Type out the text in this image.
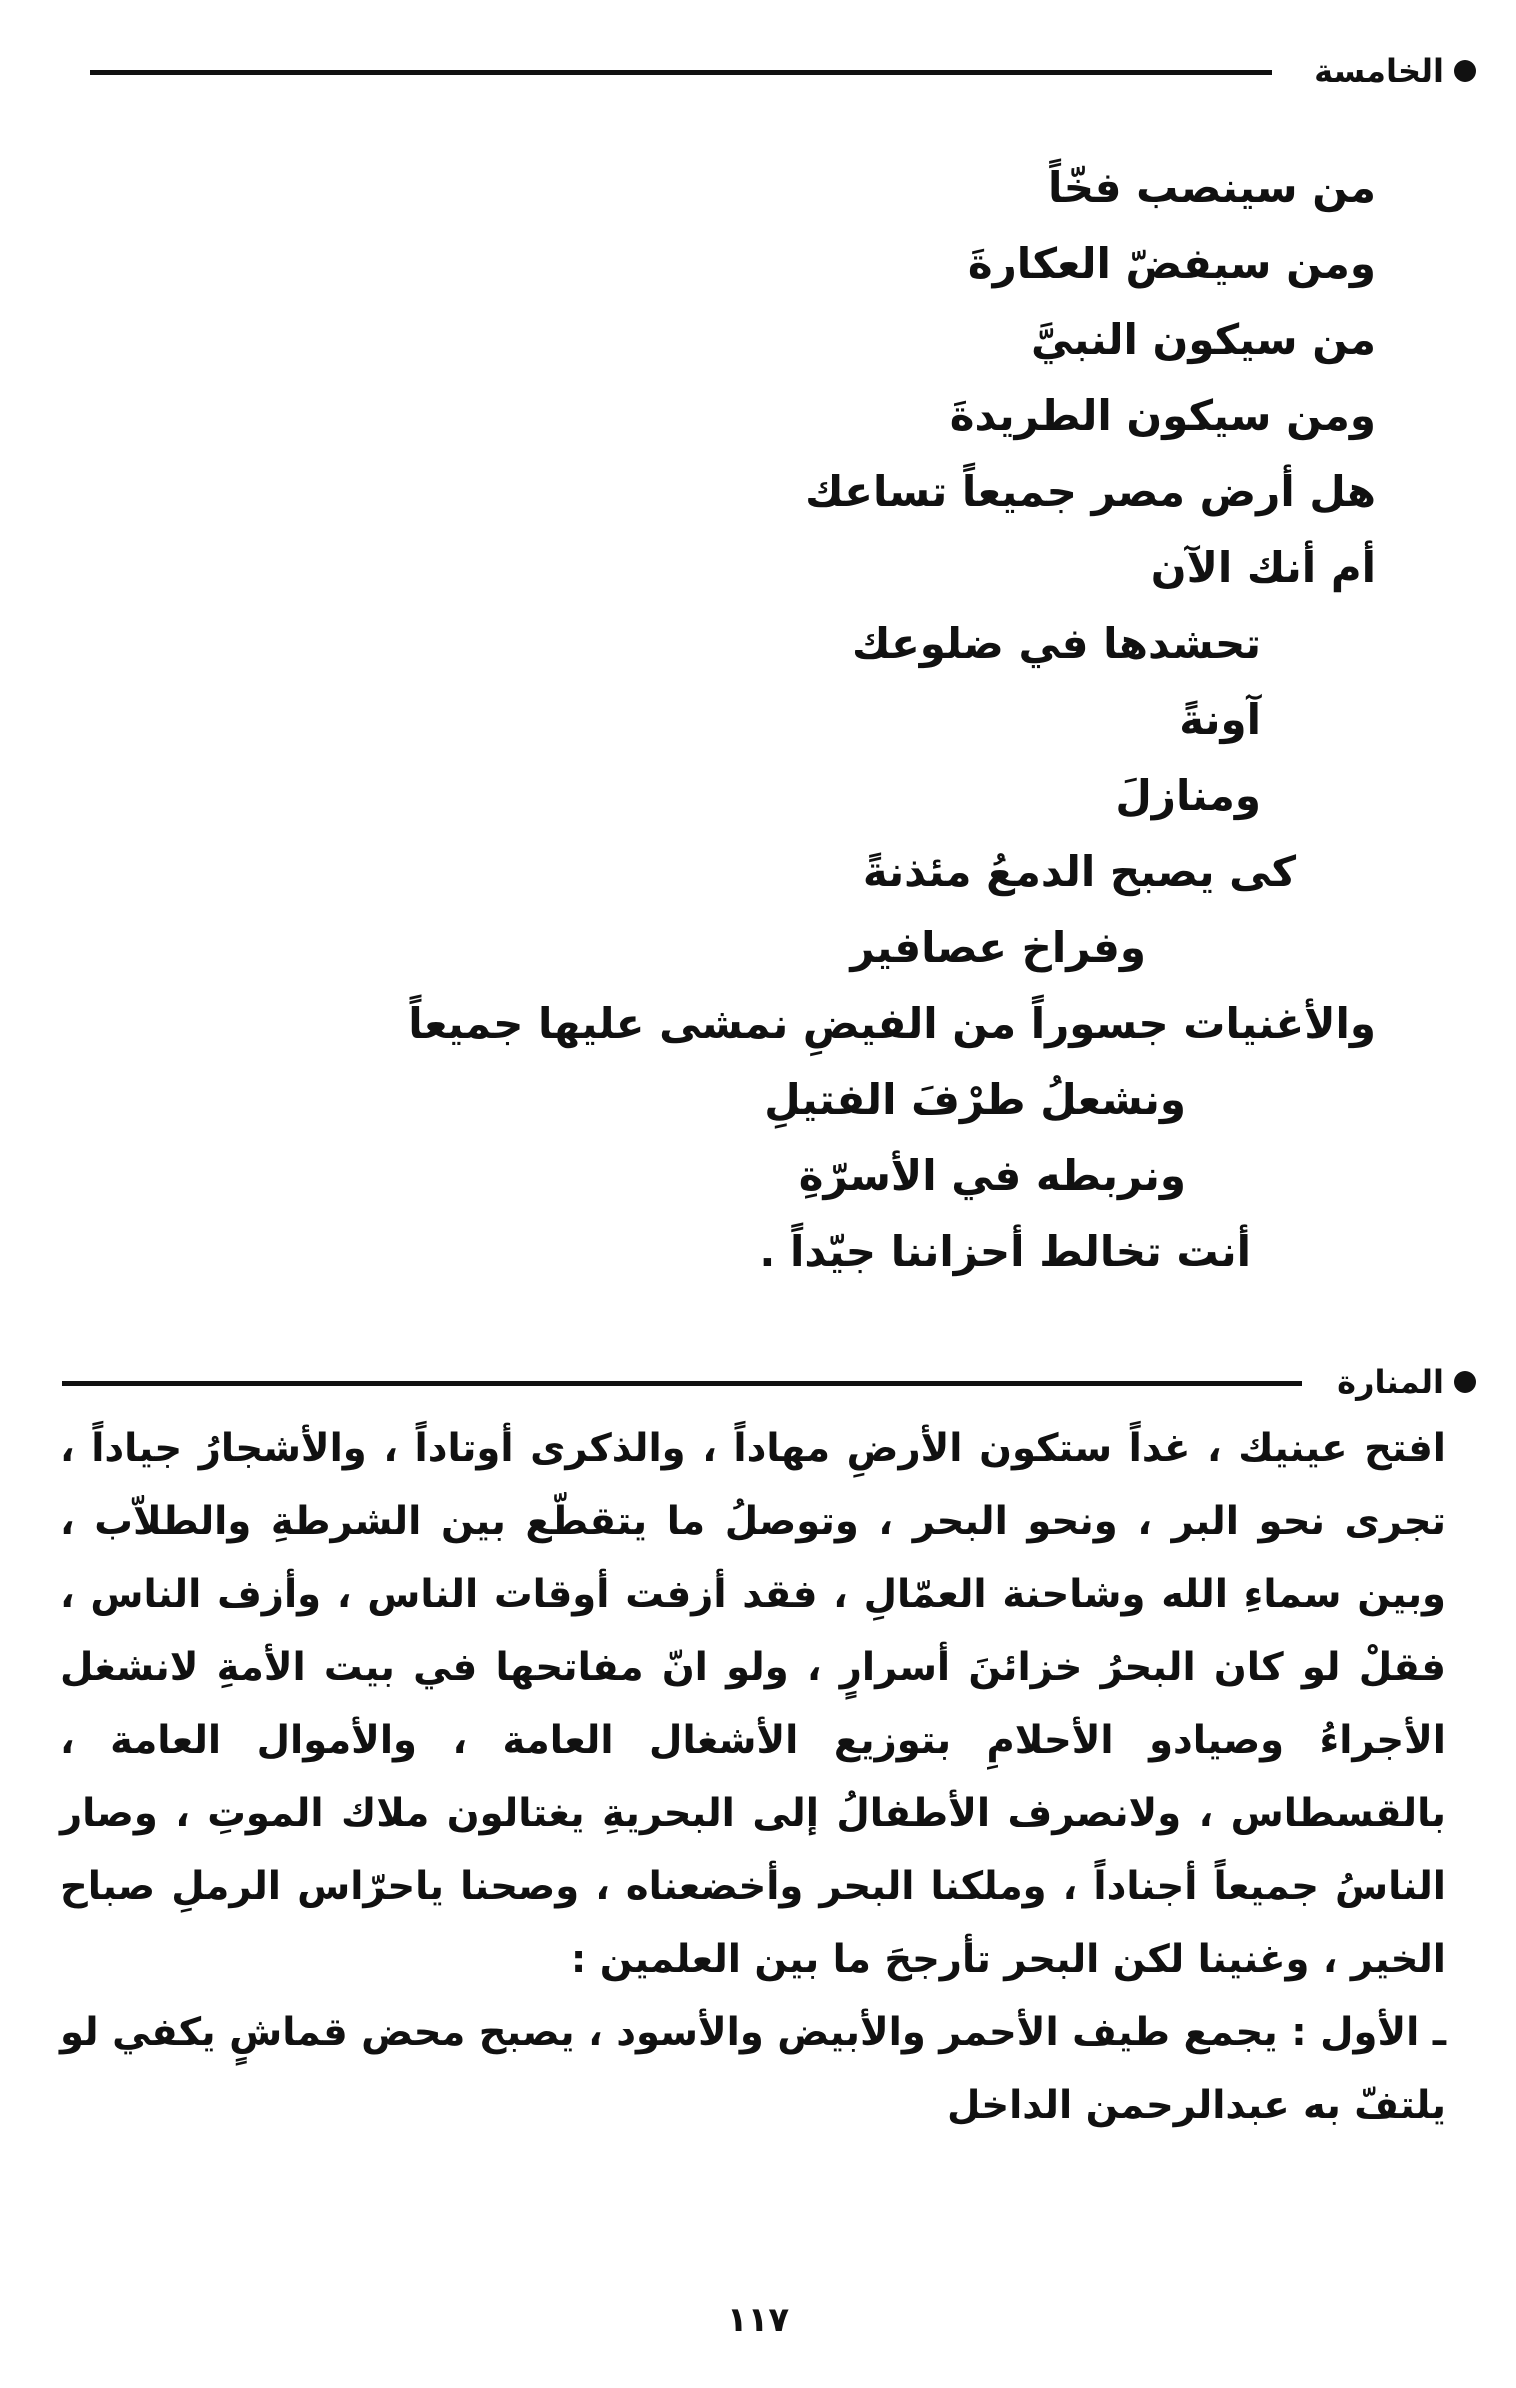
الخامسة
من سينصب فخّاً
ومن سيفضّ العكارةَ
من سيكون النبيَّ
ومن سيكون الطريدةَ
هل أرض مصر جميعاً تساعك
أم أنك الآن
تحشدها في ضلوعك
آونةً
ومنازلَ
كى يصبح الدمعُ مئذنةً
وفراخ عصافير
والأغنيات جسوراً من الفيضِ نمشى عليها جميعاً
ونشعلُ طرْفَ الفتيلِ
ونربطه في الأسرّةِ
أنت تخالط أحزاننا جيّداً .
المنارة

افتح عينيك ، غداً ستكون الأرضِ مهاداً ، والذكرى أوتاداً ، والأشجارُ جياداً ، تجرى نحو البر ، ونحو البحر ، وتوصلُ ما يتقطّع بين الشرطةِ والطلاّب ، وبين سماءِ الله وشاحنة العمّالِ ، فقد أزفت أوقات الناس ، وأزف الناس ، فقلْ لو كان البحرُ خزائنَ أسرارٍ ، ولو انّ مفاتحها في بيت الأمةِ لانشغل الأجراءُ وصيادو الأحلامِ بتوزيع الأشغال العامة ، والأموال العامة ، بالقسطاس ، ولانصرف الأطفالُ إلى البحريةِ يغتالون ملاك الموتِ ، وصار الناسُ جميعاً أجناداً ، وملكنا البحر وأخضعناه ، وصحنا ياحرّاس الرملِ صباح الخير ، وغنينا لكن البحر تأرجحَ ما بين العلمين :

ـ الأول : يجمع طيف الأحمر والأبيض والأسود ، يصبح محض قماشٍ يكفي لو يلتفّ به عبدالرحمن الداخل

١١٧
